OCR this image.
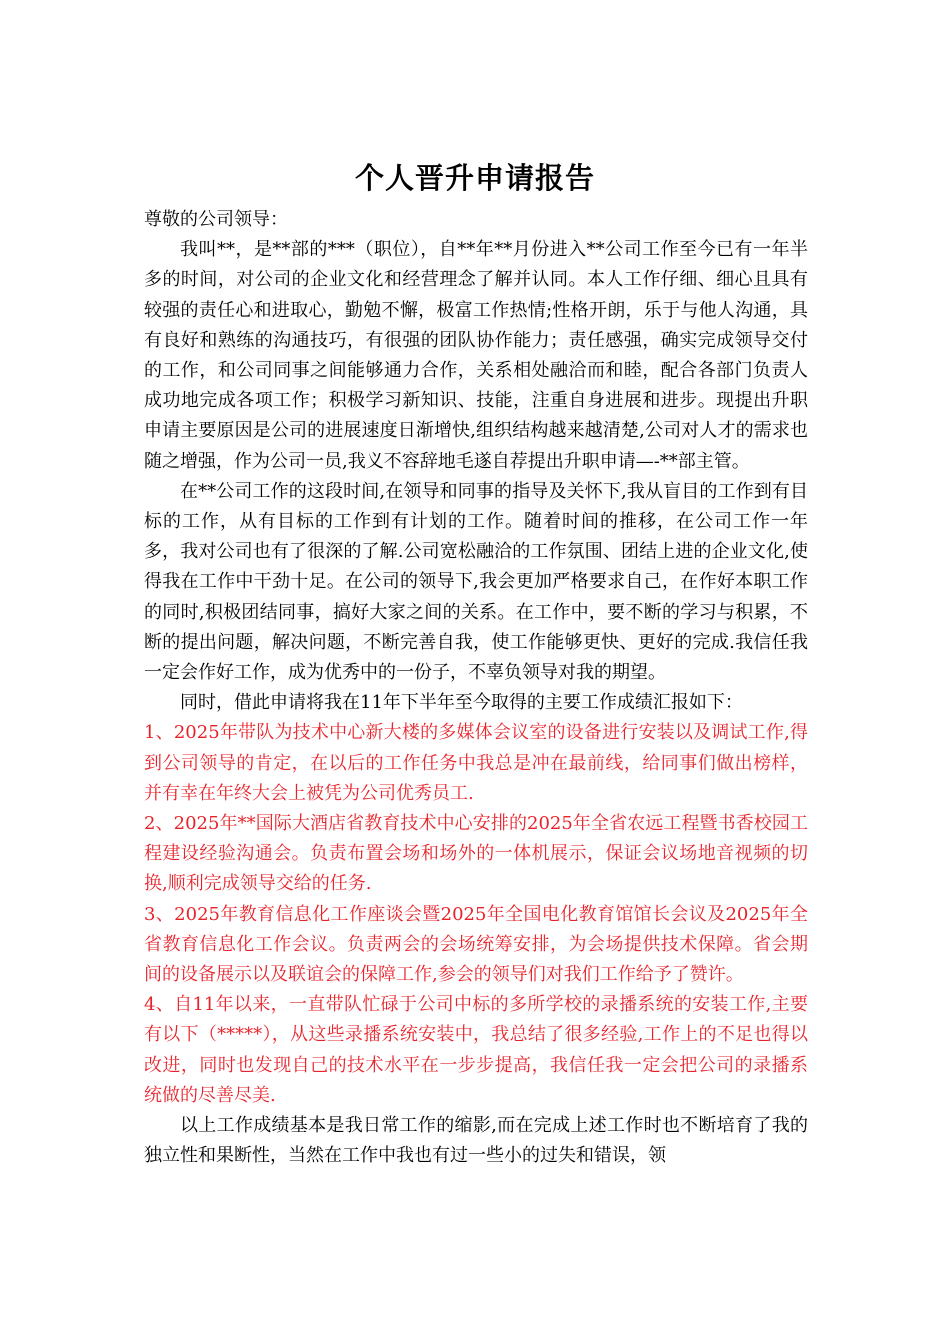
个人晋升申请报告

尊敬的公司领导：

我叫**，是**部的***（职位），自**年**月份进入**公司工作至今已有一年半多的时间，对公司的企业文化和经营理念了解并认同。本人工作仔细、细心且具有较强的责任心和进取心，勤勉不懈，极富工作热情;性格开朗，乐于与他人沟通，具有良好和熟练的沟通技巧，有很强的团队协作能力；责任感强，确实完成领导交付的工作，和公司同事之间能够通力合作，关系相处融洽而和睦，配合各部门负责人成功地完成各项工作；积极学习新知识、技能，注重自身进展和进步。现提出升职申请主要原因是公司的进展速度日渐增快,组织结构越来越清楚,公司对人才的需求也随之增强，作为公司一员,我义不容辞地毛遂自荐提出升职申请—-**部主管。

在**公司工作的这段时间,在领导和同事的指导及关怀下,我从盲目的工作到有目标的工作，从有目标的工作到有计划的工作。随着时间的推移，在公司工作一年多，我对公司也有了很深的了解.公司宽松融洽的工作氛围、团结上进的企业文化,使得我在工作中干劲十足。在公司的领导下,我会更加严格要求自己，在作好本职工作的同时,积极团结同事，搞好大家之间的关系。在工作中，要不断的学习与积累，不断的提出问题，解决问题，不断完善自我，使工作能够更快、更好的完成.我信任我一定会作好工作，成为优秀中的一份子，不辜负领导对我的期望。

同时，借此申请将我在11年下半年至今取得的主要工作成绩汇报如下：

1、2025年带队为技术中心新大楼的多媒体会议室的设备进行安装以及调试工作,得到公司领导的肯定，在以后的工作任务中我总是冲在最前线，给同事们做出榜样，并有幸在年终大会上被凭为公司优秀员工.

2、2025年**国际大酒店省教育技术中心安排的2025年全省农远工程暨书香校园工程建设经验沟通会。负责布置会场和场外的一体机展示，保证会议场地音视频的切换,顺利完成领导交给的任务.

3、2025年教育信息化工作座谈会暨2025年全国电化教育馆馆长会议及2025年全省教育信息化工作会议。负责两会的会场统筹安排，为会场提供技术保障。省会期间的设备展示以及联谊会的保障工作,参会的领导们对我们工作给予了赞许。

4、自11年以来，一直带队忙碌于公司中标的多所学校的录播系统的安装工作,主要有以下（*****），从这些录播系统安装中，我总结了很多经验,工作上的不足也得以改进，同时也发现自己的技术水平在一步步提高，我信任我一定会把公司的录播系统做的尽善尽美.

以上工作成绩基本是我日常工作的缩影,而在完成上述工作时也不断培育了我的独立性和果断性，当然在工作中我也有过一些小的过失和错误，领
